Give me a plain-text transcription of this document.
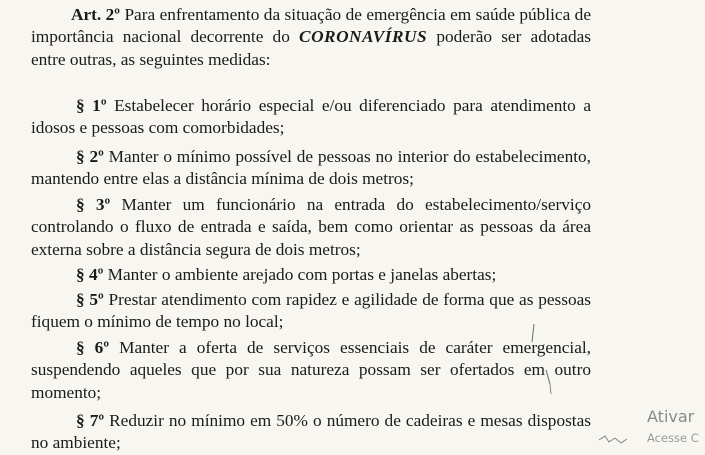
Art. 2º Para enfrentamento da situação de emergência em saúde pública de importância nacional decorrente do CORONAVÍRUS poderão ser adotadas entre outras, as seguintes medidas:

§ 1º Estabelecer horário especial e/ou diferenciado para atendimento a idosos e pessoas com comorbidades;

§ 2º Manter o mínimo possível de pessoas no interior do estabelecimento, mantendo entre elas a distância mínima de dois metros;

§ 3º Manter um funcionário na entrada do estabelecimento/serviço controlando o fluxo de entrada e saída, bem como orientar as pessoas da área externa sobre a distância segura de dois metros;

§ 4º Manter o ambiente arejado com portas e janelas abertas;

§ 5º Prestar atendimento com rapidez e agilidade de forma que as pessoas fiquem o mínimo de tempo no local;

§ 6º Manter a oferta de serviços essenciais de caráter emergencial, suspendendo aqueles que por sua natureza possam ser ofertados em outro momento;

§ 7º Reduzir no mínimo em 50% o número de cadeiras e mesas dispostas no ambiente;

Ativar
Acesse C
